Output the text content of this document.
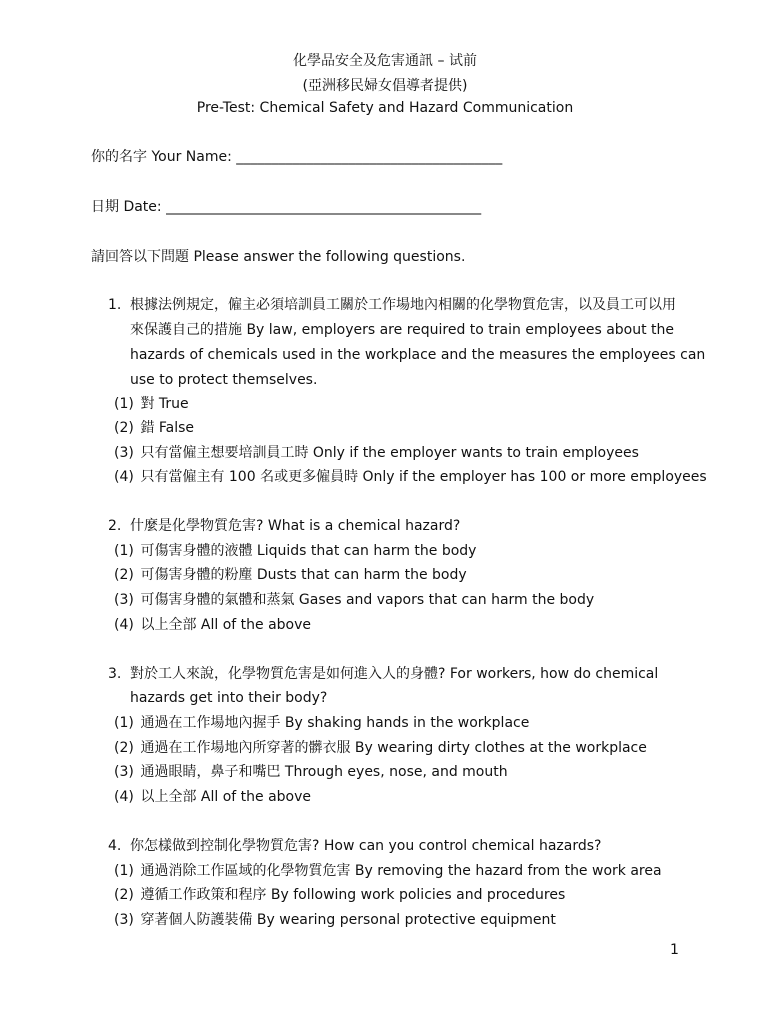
化學品安全及危害通訊 – 试前
(亞洲移民婦女倡導者提供)
Pre-Test: Chemical Safety and Hazard Communication
你的名字 Your Name: ______________________________________
日期 Date: _____________________________________________
請回答以下問題 Please answer the following questions.
1. 根據法例規定，僱主必須培訓員工關於工作場地內相關的化學物質危害，以及員工可以用
來保護自己的措施 By law, employers are required to train employees about the
hazards of chemicals used in the workplace and the measures the employees can
use to protect themselves.
(1) 對 True
(2) 錯 False
(3) 只有當僱主想要培訓員工時 Only if the employer wants to train employees
(4) 只有當僱主有 100 名或更多僱員時 Only if the employer has 100 or more employees
2. 什麼是化學物質危害? What is a chemical hazard?
(1) 可傷害身體的液體 Liquids that can harm the body
(2) 可傷害身體的粉塵 Dusts that can harm the body
(3) 可傷害身體的氣體和蒸氣 Gases and vapors that can harm the body
(4) 以上全部 All of the above
3. 對於工人來說，化學物質危害是如何進入人的身體? For workers, how do chemical
hazards get into their body?
(1) 通過在工作場地內握手 By shaking hands in the workplace
(2) 通過在工作場地內所穿著的髒衣服 By wearing dirty clothes at the workplace
(3) 通過眼睛，鼻子和嘴巴 Through eyes, nose, and mouth
(4) 以上全部 All of the above
4. 你怎樣做到控制化學物質危害? How can you control chemical hazards?
(1) 通過消除工作區域的化學物質危害 By removing the hazard from the work area
(2) 遵循工作政策和程序 By following work policies and procedures
(3) 穿著個人防護裝備 By wearing personal protective equipment
1
